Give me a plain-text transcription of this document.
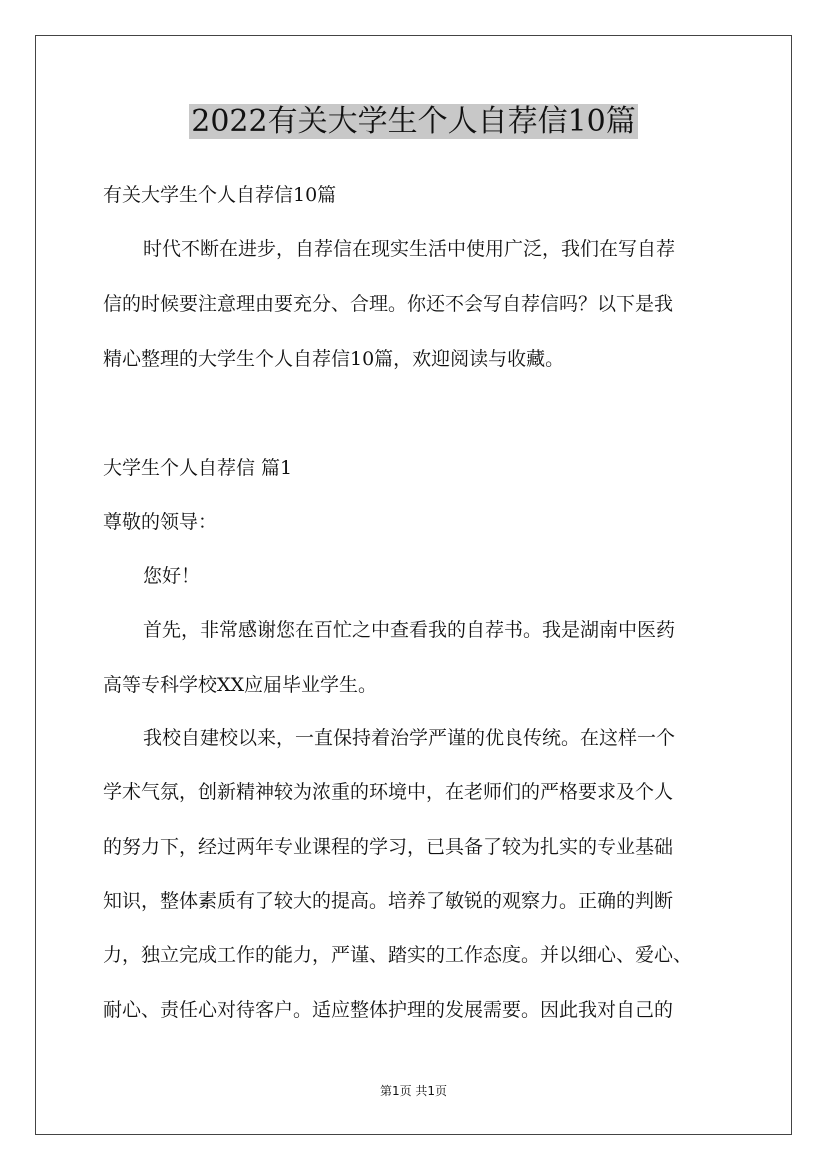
2022有关大学生个人自荐信10篇

有关大学生个人自荐信10篇

时代不断在进步，自荐信在现实生活中使用广泛，我们在写自荐

信的时候要注意理由要充分、合理。你还不会写自荐信吗？以下是我

精心整理的大学生个人自荐信10篇，欢迎阅读与收藏。

大学生个人自荐信 篇1

尊敬的领导：

您好！

首先，非常感谢您在百忙之中查看我的自荐书。我是湖南中医药

高等专科学校XX应届毕业学生。

我校自建校以来，一直保持着治学严谨的优良传统。在这样一个

学术气氛，创新精神较为浓重的环境中，在老师们的严格要求及个人

的努力下，经过两年专业课程的学习，已具备了较为扎实的专业基础

知识，整体素质有了较大的提高。培养了敏锐的观察力。正确的判断

力，独立完成工作的能力，严谨、踏实的工作态度。并以细心、爱心、

耐心、责任心对待客户。适应整体护理的发展需要。因此我对自己的

第1页 共1页
